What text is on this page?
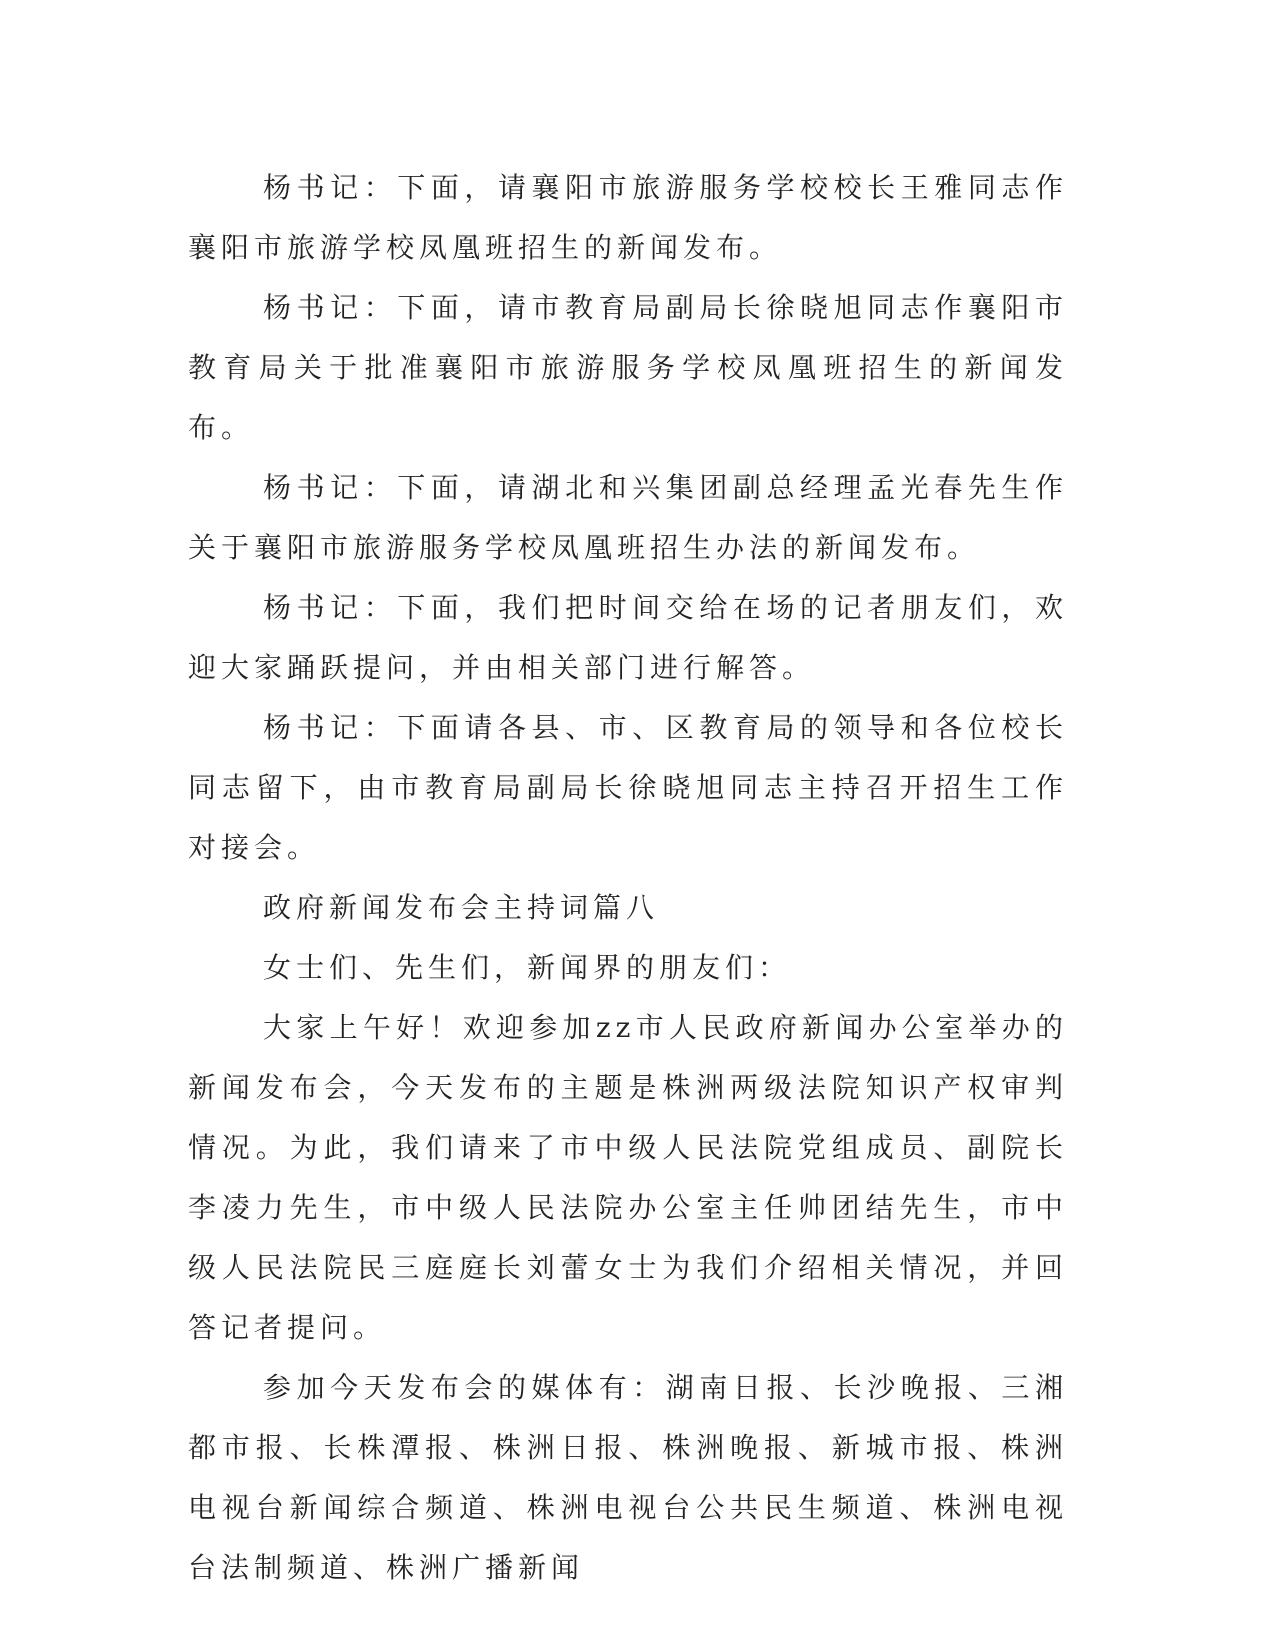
杨书记：下面，请襄阳市旅游服务学校校长王雅同志作襄阳市旅游学校凤凰班招生的新闻发布。

杨书记：下面，请市教育局副局长徐晓旭同志作襄阳市教育局关于批准襄阳市旅游服务学校凤凰班招生的新闻发布。

杨书记：下面，请湖北和兴集团副总经理孟光春先生作关于襄阳市旅游服务学校凤凰班招生办法的新闻发布。

杨书记：下面，我们把时间交给在场的记者朋友们，欢迎大家踊跃提问，并由相关部门进行解答。

杨书记：下面请各县、市、区教育局的领导和各位校长同志留下，由市教育局副局长徐晓旭同志主持召开招生工作对接会。

政府新闻发布会主持词篇八

女士们、先生们，新闻界的朋友们：

大家上午好！欢迎参加zz市人民政府新闻办公室举办的新闻发布会，今天发布的主题是株洲两级法院知识产权审判情况。为此，我们请来了市中级人民法院党组成员、副院长李凌力先生，市中级人民法院办公室主任帅团结先生，市中级人民法院民三庭庭长刘蕾女士为我们介绍相关情况，并回答记者提问。

参加今天发布会的媒体有：湖南日报、长沙晚报、三湘都市报、长株潭报、株洲日报、株洲晚报、新城市报、株洲电视台新闻综合频道、株洲电视台公共民生频道、株洲电视台法制频道、株洲广播新闻
